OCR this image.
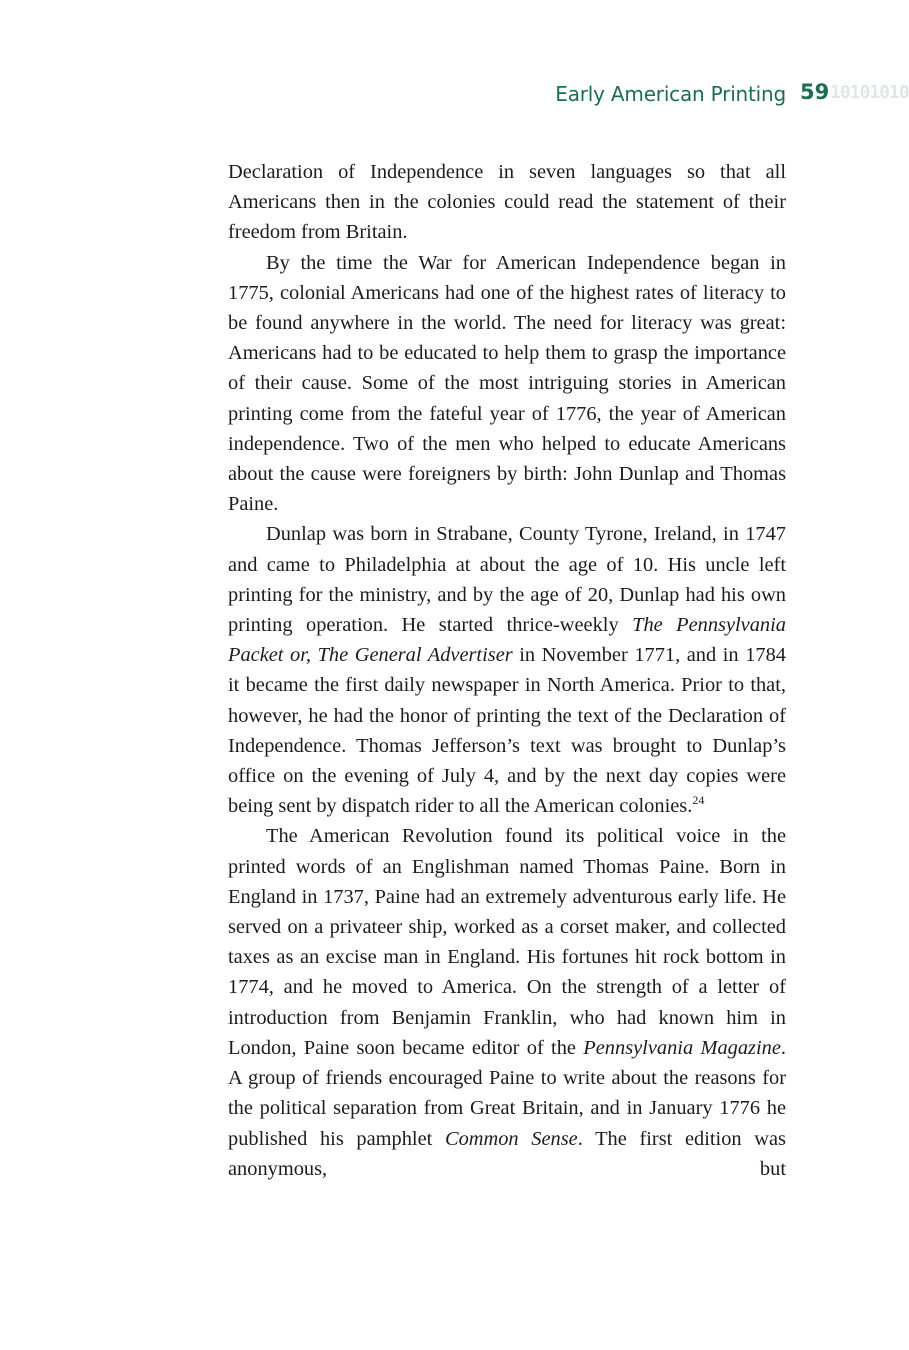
Early American Printing 59 10101010

Declaration of Independence in seven languages so that all Americans then in the colonies could read the statement of their freedom from Britain.

By the time the War for American Independence began in 1775, colonial Americans had one of the highest rates of literacy to be found anywhere in the world. The need for literacy was great: Americans had to be educated to help them to grasp the importance of their cause. Some of the most intriguing stories in American printing come from the fateful year of 1776, the year of American independence. Two of the men who helped to educate Americans about the cause were foreigners by birth: John Dunlap and Thomas Paine.

Dunlap was born in Strabane, County Tyrone, Ireland, in 1747 and came to Philadelphia at about the age of 10. His uncle left printing for the ministry, and by the age of 20, Dunlap had his own printing operation. He started thrice-weekly The Pennsylvania Packet or, The General Advertiser in November 1771, and in 1784 it became the first daily newspaper in North America. Prior to that, however, he had the honor of printing the text of the Declaration of Independence. Thomas Jefferson’s text was brought to Dunlap’s office on the evening of July 4, and by the next day copies were being sent by dispatch rider to all the American colonies.$^{24}$

The American Revolution found its political voice in the printed words of an Englishman named Thomas Paine. Born in England in 1737, Paine had an extremely adventurous early life. He served on a privateer ship, worked as a corset maker, and collected taxes as an excise man in England. His fortunes hit rock bottom in 1774, and he moved to America. On the strength of a letter of introduction from Benjamin Franklin, who had known him in London, Paine soon became editor of the Pennsylvania Magazine. A group of friends encouraged Paine to write about the reasons for the political separation from Great Britain, and in January 1776 he published his pamphlet Common Sense. The first edition was anonymous, but
